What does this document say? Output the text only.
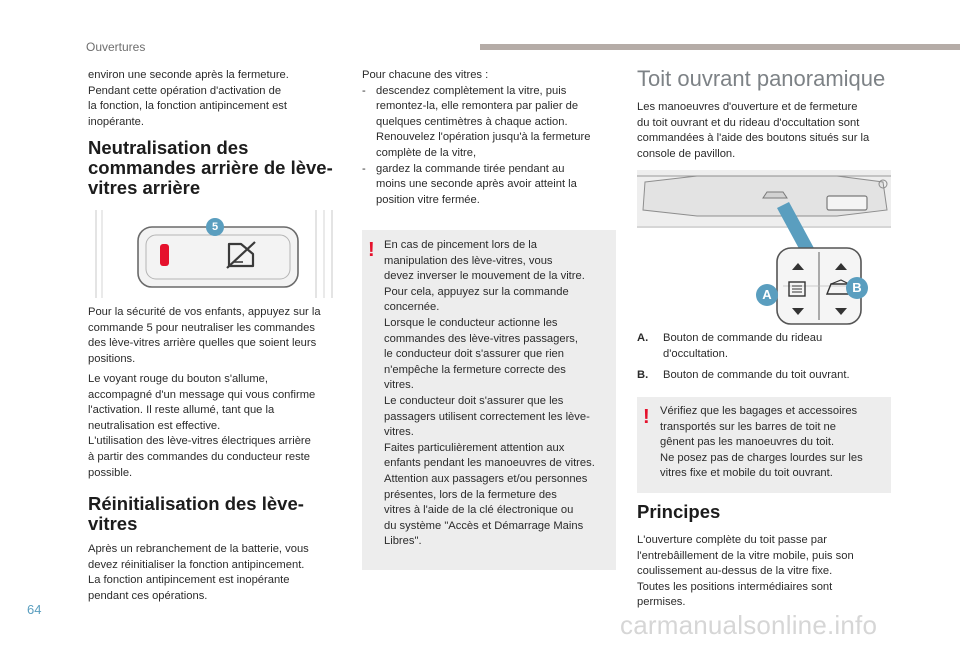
Ouvertures
environ une seconde après la fermeture.
Pendant cette opération d'activation de
la fonction, la fonction antipincement est
inopérante.
Neutralisation des
commandes arrière de lève-
vitres arrière
5
Pour la sécurité de vos enfants, appuyez sur la
commande 5 pour neutraliser les commandes
des lève-vitres arrière quelles que soient leurs
positions.
Le voyant rouge du bouton s'allume,
accompagné d'un message qui vous confirme
l'activation. Il reste allumé, tant que la
neutralisation est effective.
L'utilisation des lève-vitres électriques arrière
à partir des commandes du conducteur reste
possible.
Réinitialisation des lève-
vitres
Après un rebranchement de la batterie, vous
devez réinitialiser la fonction antipincement.
La fonction antipincement est inopérante
pendant ces opérations.
Pour chacune des vitres :
- descendez complètement la vitre, puis
remontez-la, elle remontera par palier de
quelques centimètres à chaque action.
Renouvelez l'opération jusqu'à la fermeture
complète de la vitre,
- gardez la commande tirée pendant au
moins une seconde après avoir atteint la
position vitre fermée.
! En cas de pincement lors de la
manipulation des lève-vitres, vous
devez inverser le mouvement de la vitre.
Pour cela, appuyez sur la commande
concernée.
Lorsque le conducteur actionne les
commandes des lève-vitres passagers,
le conducteur doit s'assurer que rien
n'empêche la fermeture correcte des
vitres.
Le conducteur doit s'assurer que les
passagers utilisent correctement les lève-
vitres.
Faites particulièrement attention aux
enfants pendant les manoeuvres de vitres.
Attention aux passagers et/ou personnes
présentes, lors de la fermeture des
vitres à l'aide de la clé électronique ou
du système "Accès et Démarrage Mains
Libres".
Toit ouvrant panoramique
Les manoeuvres d'ouverture et de fermeture
du toit ouvrant et du rideau d'occultation sont
commandées à l'aide des boutons situés sur la
console de pavillon.
A	B
A. Bouton de commande du rideau
d'occultation.
B. Bouton de commande du toit ouvrant.
! Vérifiez que les bagages et accessoires
transportés sur les barres de toit ne
gênent pas les manoeuvres du toit.
Ne posez pas de charges lourdes sur les
vitres fixe et mobile du toit ouvrant.
Principes
L'ouverture complète du toit passe par
l'entrebâillement de la vitre mobile, puis son
coulissement au-dessus de la vitre fixe.
Toutes les positions intermédiaires sont
permises.
64
carmanualsonline.info
